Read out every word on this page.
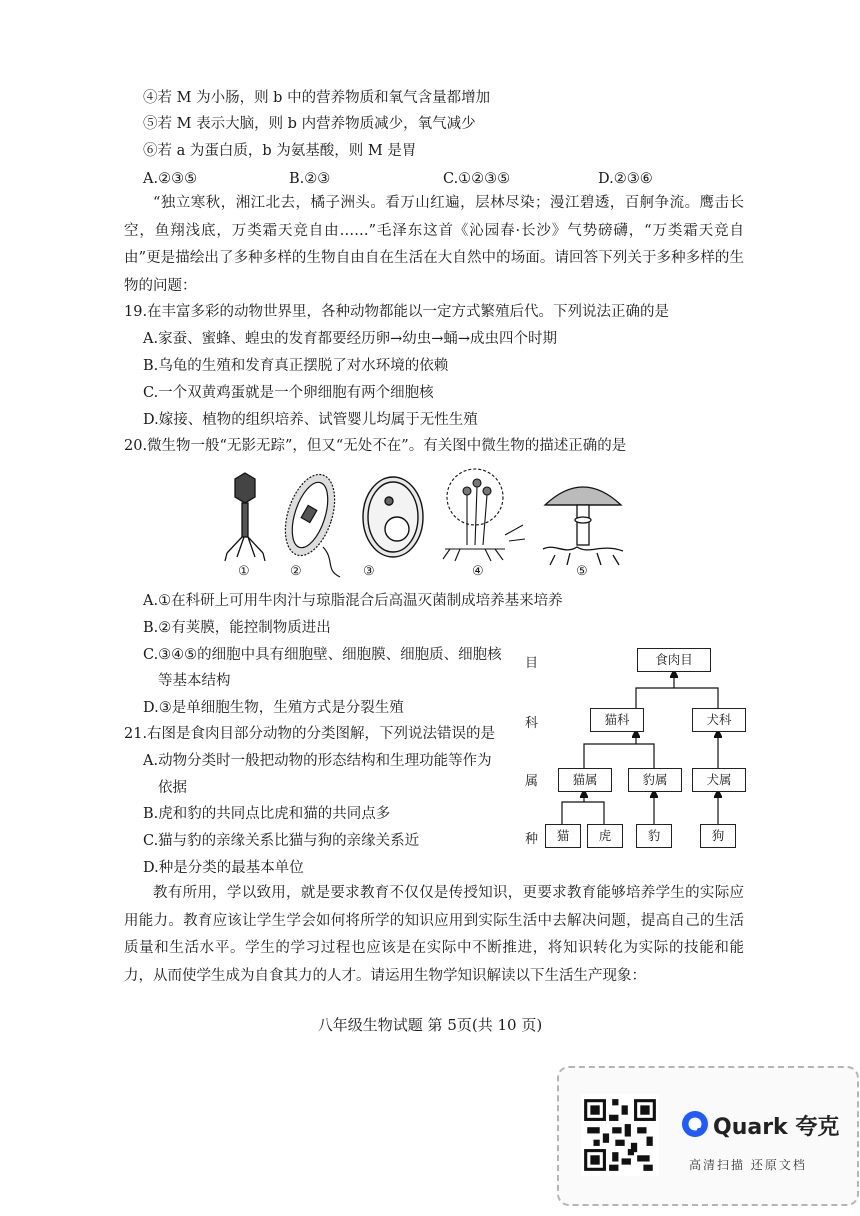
④若 M 为小肠，则 b 中的营养物质和氧气含量都增加
⑤若 M 表示大脑，则 b 内营养物质减少，氧气减少
⑥若 a 为蛋白质，b 为氨基酸，则 M 是胃
A.②③⑤	B.②③	C.①②③⑤	D.②③⑥
“独立寒秋，湘江北去，橘子洲头。看万山红遍，层林尽染；漫江碧透，百舸争流。鹰击长空，鱼翔浅底，万类霜天竞自由……”毛泽东这首《沁园春·长沙》气势磅礴，“万类霜天竞自由”更是描绘出了多种多样的生物自由自在生活在大自然中的场面。请回答下列关于多种多样的生物的问题：
19.在丰富多彩的动物世界里，各种动物都能以一定方式繁殖后代。下列说法正确的是
A.家蚕、蜜蜂、蝗虫的发育都要经历卵→幼虫→蛹→成虫四个时期
B.乌龟的生殖和发育真正摆脱了对水环境的依赖
C.一个双黄鸡蛋就是一个卵细胞有两个细胞核
D.嫁接、植物的组织培养、试管婴儿均属于无性生殖
20.微生物一般“无影无踪”，但又“无处不在”。有关图中微生物的描述正确的是
①	②	③	④	⑤
A.①在科研上可用牛肉汁与琼脂混合后高温灭菌制成培养基来培养
B.②有荚膜，能控制物质进出
C.③④⑤的细胞中具有细胞壁、细胞膜、细胞质、细胞核
等基本结构
D.③是单细胞生物，生殖方式是分裂生殖
21.右图是食肉目部分动物的分类图解，下列说法错误的是
A.动物分类时一般把动物的形态结构和生理功能等作为
依据
B.虎和豹的共同点比虎和猫的共同点多
C.猫与豹的亲缘关系比猫与狗的亲缘关系近
D.种是分类的最基本单位
目
科
属
种
食肉目
猫科	犬科
猫属	豹属	犬属
猫	虎	豹	狗
教有所用，学以致用，就是要求教育不仅仅是传授知识，更要求教育能够培养学生的实际应用能力。教育应该让学生学会如何将所学的知识应用到实际生活中去解决问题，提高自己的生活质量和生活水平。学生的学习过程也应该是在实际中不断推进，将知识转化为实际的技能和能力，从而使学生成为自食其力的人才。请运用生物学知识解读以下生活生产现象：
八年级生物试题 第 5页(共 10 页)
Quark 夸克
高清扫描 还原文档
